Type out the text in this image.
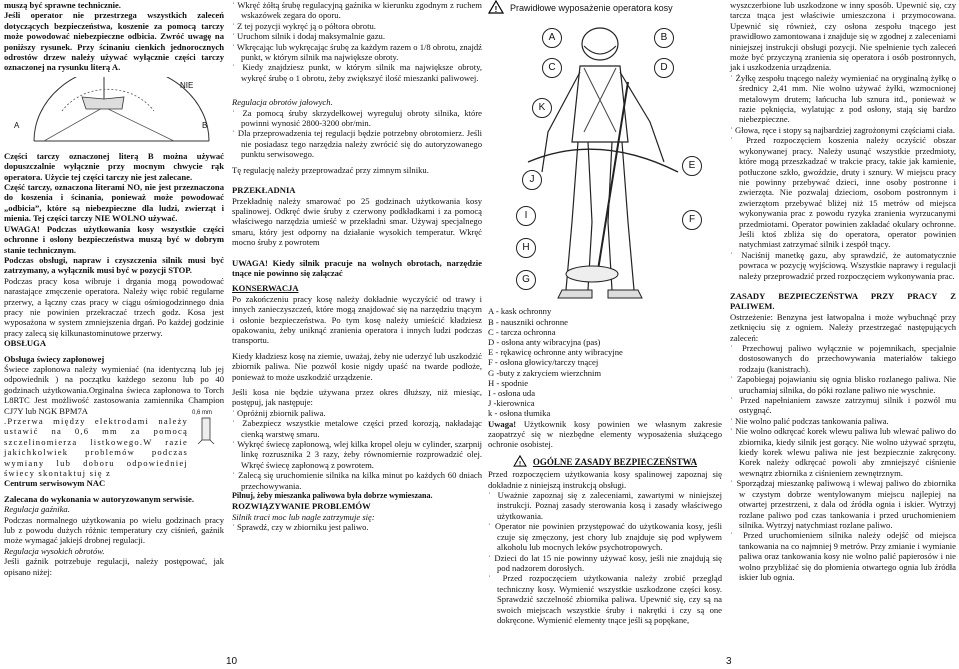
muszą być sprawne technicznie.

Jeśli operator nie przestrzega wszystkich zaleceń dotyczących bezpieczeństwa, koszenie za pomocą tarczy może powodować niebezpieczne odbicia. Zwróć uwagę na poniższy rysunek. Przy ścinaniu cienkich jednorocznych odrostów drzew należy używać wyłącznie części tarczy oznaczonej na rysunku literą A.

NIE
A	B

Części tarczy oznaczonej literą B można używać dopuszczalnie wyłącznie przy mocnym chwycie rąk operatora. Użycie tej części tarczy nie jest zalecane.

Część tarczy, oznaczona literami NO, nie jest przeznaczona do koszenia i ścinania, ponieważ może powodować „odbicia”, które są niebezpieczne dla ludzi, zwierząt i mienia. Tej części tarczy NIE WOLNO używać.

UWAGA! Podczas użytkowania kosy wszystkie części ochronne i osłony bezpieczeństwa muszą być w dobrym stanie technicznym.

Podczas obsługi, napraw i czyszczenia silnik musi być zatrzymany, a wyłącznik musi być w pozycji STOP.

Podczas pracy kosa wibruje i drgania mogą powodować narastające zmęczenie operatora. Należy więc robić regularne przerwy, a łączny czas pracy w ciągu ośmiogodzinnego dnia pracy nie powinien przekraczać trzech godz. Kosa jest wyposażona w system zmniejszenia drgań. Po każdej godzinie pracy zalecą się kilkunastominutowe przerwy.

OBSŁUGA

Obsługa świecy zapłonowej

Świece zapłonowa należy wymieniać (na identyczną lub jej odpowiednik ) na początku każdego sezonu lub po 40 godzinach użytkowania.Orginalna świeca zapłonowa to Torch L8RTC Jest możliwość zastosowania zamiennika Champion CJ7Y lub NGK BPM7A

.Przerwa między elektrodami należy ustawić na 0,6 mm za pomocą szczelinomierza listkowego.W razie jakichkolwiek problemów podczas wymiany lub doboru odpowiedniej świecy skontaktuj się z

0,6 mm

Centrum serwisowym NAC

Zalecana do wykonania w autoryzowanym serwisie.

Regulacja gaźnika.

Podczas normalnego użytkowania po wielu godzinach pracy lub z powodu dużych różnic temperatury czy ciśnień, gaźnik może wymagać jakiejś drobnej regulacji.

Regulacja wysokich obrotów.

Jeśli gaźnik potrzebuje regulacji, należy postępować, jak opisano niżej:

˙ Wkręć żółtą śrubę regulacyjną gaźnika w kierunku zgodnym z ruchem wskazówek zegara do oporu.

˙ Z tej pozycji wykręć ją o półtora obrotu.

˙ Uruchom silnik i dodaj maksymalnie gazu.

˙ Wkręcając lub wykręcając śrubę za każdym razem o 1/8 obrotu, znajdź punkt, w którym silnik ma największe obroty.

˙ Kiedy znajdziesz punkt, w którym silnik ma największe obroty, wykręć śrubę o 1 obrotu, żeby zwiększyć ilość mieszanki paliwowej.

Regulacja obrotów jałowych.

˙ Za pomocą śruby skrzydełkowej wyreguluj obroty silnika, które powinni wynosić 2800-3200 obr/min.

˙ Dla przeprowadzenia tej regulacji będzie potrzebny obrotomierz. Jeśli nie posiadasz tego narzędzia należy zwrócić się do autoryzowanego punktu serwisowego.

Tę regulację należy przeprowadzać przy zimnym silniku.

PRZEKŁADNIA

Przekładnię należy smarować po 25 godzinach użytkowania kosy spalinowej. Odkręć dwie śruby z czerwony podkładkami i za pomocą właściwego narzędzia umieść w przekładni smar. Używaj specjalnego smaru, który jest odporny na działanie wysokich temperatur. Wkręć mocno śruby z powrotem

UWAGA! Kiedy silnik pracuje na wolnych obrotach, narzędzie tnące nie powinno się załączać

KONSERWACJA

Po zakończeniu pracy kosę należy dokładnie wyczyścić od trawy i innych zanieczyszczeń, które mogą znajdować się na narzędziu tnącym i osłonie bezpieczeństwa. Po tym kosę należy umieścić kładziesz opakowaniu, żeby uniknąć zranienia operatora i innych ludzi podczas transportu.

Kiedy kładziesz kosę na ziemie, uważaj, żeby nie uderzyć lub uszkodzić zbiornik paliwa. Nie pozwól kosie nigdy upaść na twarde podłoże, ponieważ to może uszkodzić urządzenie.

Jeśli kosa nie będzie używana przez okres dłuższy, niż miesiąc, postępuj, jak następuje:

˙ Opróżnij zbiornik paliwa.

˙ Zabezpiecz wszystkie metalowe części przed korozją, nakładając cienką warstwę smaru.

˙ Wykręć świecę zapłonową, wlej kilka kropel oleju w cylinder, szarpnij linkę rozrusznika 2 3 razy, żeby równomiernie rozprowadzić olej. Wkręć świecę zapłonową z powrotem.

˙ Zalecą się uruchomienie silnika na kilka minut po każdych 60 dniach przechowywania.

Pilnuj, żeby mieszanka paliwowa była dobrze wymieszana.

ROZWIĄZYWANIE PROBLEMÓW

Silnik traci moc lub nagle zatrzymuje się:

˙ Sprawdź, czy w zbiorniku jest paliwo.

10
! Prawidłowe wyposażenie operatora kosy
A	B
C	D
K
J
E
I	F
H
G
A - kask ochronny
B - nauszniki ochronne
C - tarcza ochronna
D - osłona anty wibracyjna (pas)
E - rękawicę ochronne anty wibracyjne
F - osłona głowicy/tarczy tnącej
G -buty z zakryciem wierzchnim
H - spodnie
I - osłona uda
J -kierownica
k - osłona tłumika

Uwaga! Użytkownik kosy powinien we własnym zakresie zaopatrzyć się w niezbędne elementy wyposażenia służącego ochronie osobistej.

! OGÓLNE ZASADY BEZPIECZEŃSTWA

Przed rozpoczęciem użytkowania kosy spalinowej zapoznaj się dokładnie z niniejszą instrukcją obsługi.

˙ Uważnie zapoznaj się z zaleceniami, zawartymi w niniejszej instrukcji. Poznaj zasady sterowania kosą i zasady właściwego użytkowania.

˙ Operator nie powinien przystępować do użytkowania kosy, jeśli czuje się zmęczony, jest chory lub znajduje się pod wpływem alkoholu lub mocnych leków psychotropowych.

˙ Dzieci do lat 15 nie powinny używać kosy, jeśli nie znajdują się pod nadzorem dorosłych.

˙ Przed rozpoczęciem użytkowania należy zrobić przegląd techniczny kosy. Wymienić wszystkie uszkodzone części kosy. Sprawdzić szczelność zbiornika paliwa. Upewnić się, czy są na swoich miejscach wszystkie śruby i nakrętki i czy są one dokręcone. Wymienić elementy tnące jeśli są popękane,

wyszczerbione lub uszkodzone w inny sposób. Upewnić się, czy tarcza tnąca jest właściwie umieszczona i przymocowana. Upewnić się również, czy osłona zespołu tnącego jest prawidłowo zamontowana i znajduje się w zgodnej z zaleceniami niniejszej instrukcji obsługi pozycji. Nie spełnienie tych zaleceń może być przyczyną zranienia się operatora i osób postronnych, jak i uszkodzenia urządzenia.

˙ Żyłkę zespołu tnącego należy wymieniać na oryginalną żyłkę o średnicy 2,41 mm. Nie wolno używać żyłki, wzmocnionej metalowym drutem; łańcucha lub sznura itd., ponieważ w razie pęknięcia, wylatując z pod osłony, stają się bardzo niebezpieczne.

˙ Głowa, ręce i stopy są najbardziej zagrożonymi częściami ciała.

˙ Przed rozpoczęciem koszenia należy oczyścić obszar wykonywanej pracy. Należy usunąć wszystkie przedmioty, które mogą przeszkadzać w trakcie pracy, takie jak kamienie, potłuczone szkło, gwoździe, druty i sznury. W miejscu pracy nie powinny przebywać dzieci, inne osoby postronne i zwierzęta. Nie pozwalaj dzieciom, osobom postronnym i zwierzętom przebywać bliżej niż 15 metrów od miejsca wykonywania prac z powodu ryzyka zranienia wyrzucanymi przedmiotami. Operator powinien zakładać okulary ochronne. Jeśli ktoś zbliża się do operatora, operator powinien natychmiast zatrzymać silnik i zespół tnący.

˙ Naciśnij manetkę gazu, aby sprawdzić, że automatycznie powraca w pozycję wyjściową. Wszystkie naprawy i regulacji należy przeprowadzić przed rozpoczęciem wykonywania prac.

ZASADY BEZPIECZEŃSTWA PRZY PRACY Z PALIWEM.

Ostrzeżenie: Benzyna jest łatwopalna i może wybuchnąć przy zetknięciu się z ogniem. Należy przestrzegać następujących zaleceń:

˙ Przechowuj paliwo wyłącznie w pojemnikach, specjalnie dostosowanych do przechowywania materiałów takiego rodzaju (kanistrach).

˙ Zapobiegaj pojawianiu się ognia blisko rozlanego paliwa. Nie uruchamiaj silnika, do póki rozlane paliwo nie wyschnie.

˙ Przed napełnianiem zawsze zatrzymuj silnik i pozwól mu ostygnąć.

˙ Nie wolno palić podczas tankowania paliwa.

˙ Nie wolno odkręcać korek wlewu paliwa lub wlewać paliwo do zbiornika, kiedy silnik jest gorący. Nie wolno używać sprzętu, kiedy korek wlewu paliwa nie jest bezpiecznie zakręcony. Korek należy odkręcać powoli aby zmniejszyć ciśnienie wewnątrz zbiornika z ciśnieniem zewnętrznym.

˙ Sporządzaj mieszankę paliwową i wlewaj paliwo do zbiornika w czystym dobrze wentylowanym miejscu najlepiej na otwartej przestrzeni, z dala od źródła ognia i iskier. Wytrzyj rozlane paliwo pod czas tankowania i przed uruchomieniem silnika. Wytrzyj natychmiast rozlane paliwo.

˙ Przed uruchomieniem silnika należy odejść od miejsca tankowania na co najmniej 9 metrów. Przy zmianie i wymianie paliwa oraz tankowania kosy nie wolno palić papierosów i nie wolno przybliżać się do płomienia otwartego ognia lub źródła iskier lub ognia.

3
